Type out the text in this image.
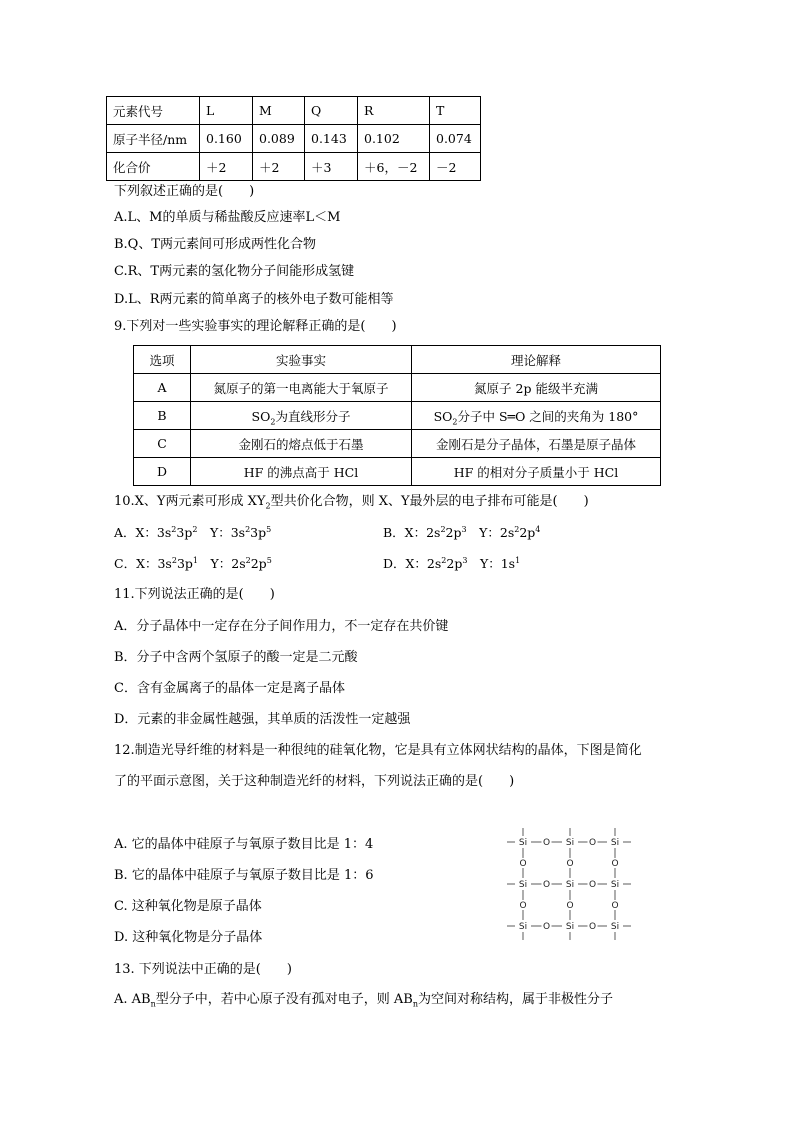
元素代号	L	M	Q	R	T
原子半径/nm	0.160	0.089	0.143	0.102	0.074
化合价	＋2	＋2	＋3	＋6，－2	－2
下列叙述正确的是(　　)
A.L、M的单质与稀盐酸反应速率L＜M
B.Q、T两元素间可形成两性化合物
C.R、T两元素的氢化物分子间能形成氢键
D.L、R两元素的简单离子的核外电子数可能相等
9.下列对一些实验事实的理论解释正确的是(　　)
选项	实验事实	理论解释
A	氮原子的第一电离能大于氧原子	氮原子 2p 能级半充满
B	$SO_2$为直线形分子	$SO_2$分子中 S═O 之间的夹角为 180°
C	金刚石的熔点低于石墨	金刚石是分子晶体，石墨是原子晶体
D	HF 的沸点高于 HCl	HF 的相对分子质量小于 HCl
10.X、Y两元素可形成 $XY_2$型共价化合物，则 X、Y最外层的电子排布可能是(　　)
A．X：$3s^23p^2$　Y：$3s^23p^5$	B．X：$2s^22p^3$　Y：$2s^22p^4$
C．X：$3s^23p^1$　Y：$2s^22p^5$	D．X：$2s^22p^3$　Y：$1s^1$
11.下列说法正确的是(　　)
A．分子晶体中一定存在分子间作用力，不一定存在共价键
B．分子中含两个氢原子的酸一定是二元酸
C．含有金属离子的晶体一定是离子晶体
D．元素的非金属性越强，其单质的活泼性一定越强
12.制造光导纤维的材料是一种很纯的硅氧化物，它是具有立体网状结构的晶体，下图是简化
了的平面示意图，关于这种制造光纤的材料，下列说法正确的是(　　)
A. 它的晶体中硅原子与氧原子数目比是 1：4
B. 它的晶体中硅原子与氧原子数目比是 1：6
C. 这种氧化物是原子晶体
D. 这种氧化物是分子晶体
O	O
O	O
O	O
O
O
O
O
O
O
Si	Si	Si
Si	Si	Si
Si	Si	Si
13. 下列说法中正确的是(　　)
A. $AB_n$型分子中，若中心原子没有孤对电子，则 $AB_n$为空间对称结构，属于非极性分子
